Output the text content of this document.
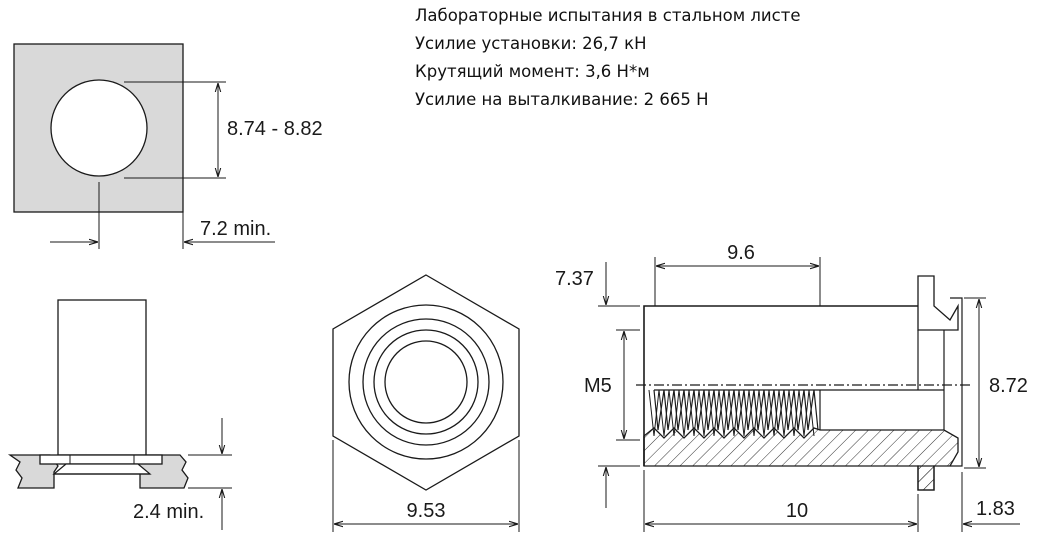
Лабораторные испытания в стальном листе
Усилие установки: 26,7 кН
Крутящий момент: 3,6 Н*м
Усилие на выталкивание: 2 665 Н
8.74 - 8.82
7.2 min.
2.4 min.	9.53
9.6
7.37
M5	8.72
10	1.83
